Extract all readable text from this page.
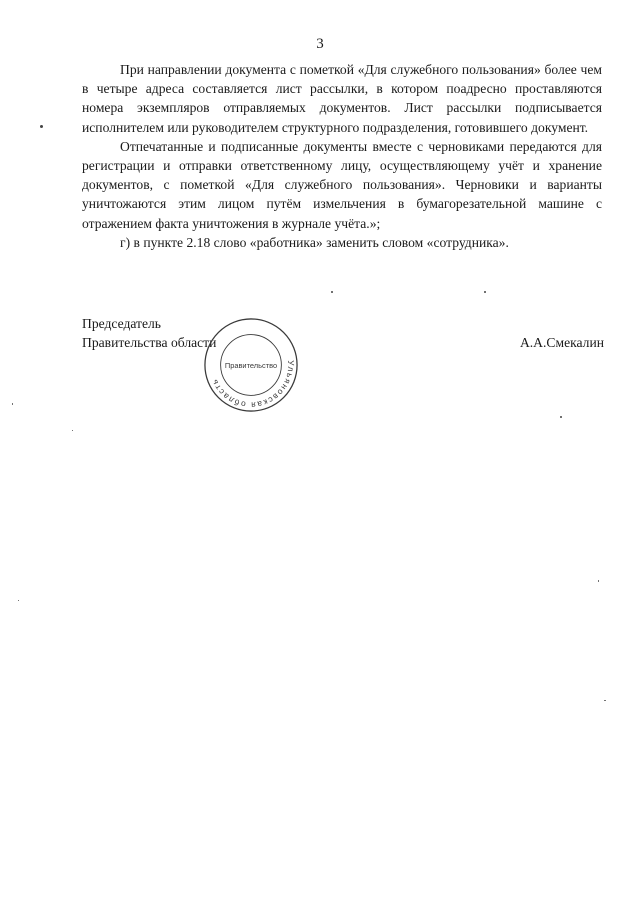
3

При направлении документа с пометкой «Для служебного пользования» более чем в четыре адреса составляется лист рассылки, в котором поадресно проставляются номера экземпляров отправляемых документов. Лист рассылки подписывается исполнителем или руководителем структурного подразделения, готовившего документ.

Отпечатанные и подписанные документы вместе с черновиками передаются для регистрации и отправки ответственному лицу, осуществляющему учёт и хранение документов, с пометкой «Для служебного пользования». Черновики и варианты уничтожаются этим лицом путём измельчения в бумагорезательной машине с отражением факта уничтожения в журнале учёта.»;

г) в пункте 2.18 слово «работника» заменить словом «сотрудника».

Председатель
Правительства области	А.А.Смекалин
Ульяновская область
Правительство
